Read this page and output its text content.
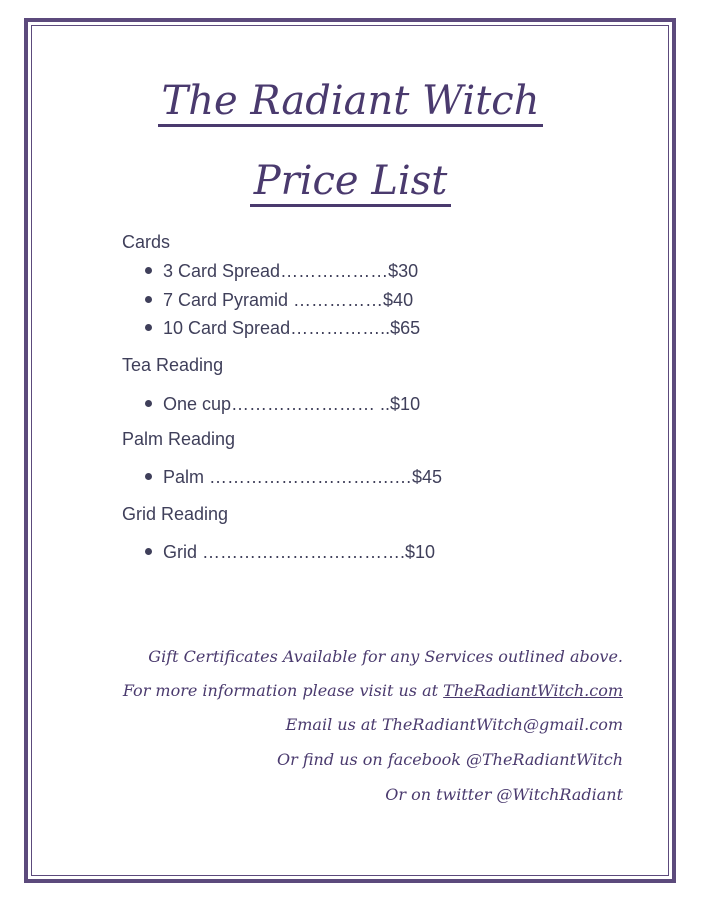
The Radiant Witch
Price List
Cards
3 Card Spread………………$30
7 Card Pyramid ……………$40
10 Card Spread……………..$65
Tea Reading
One cup…………………… ..$10
Palm Reading
Palm ………………………….…$45
Grid Reading
Grid …………………………….$10
Gift Certificates Available for any Services outlined above.
For more information please visit us at TheRadiantWitch.com
Email us at TheRadiantWitch@gmail.com
Or find us on facebook @TheRadiantWitch
Or on twitter @WitchRadiant
